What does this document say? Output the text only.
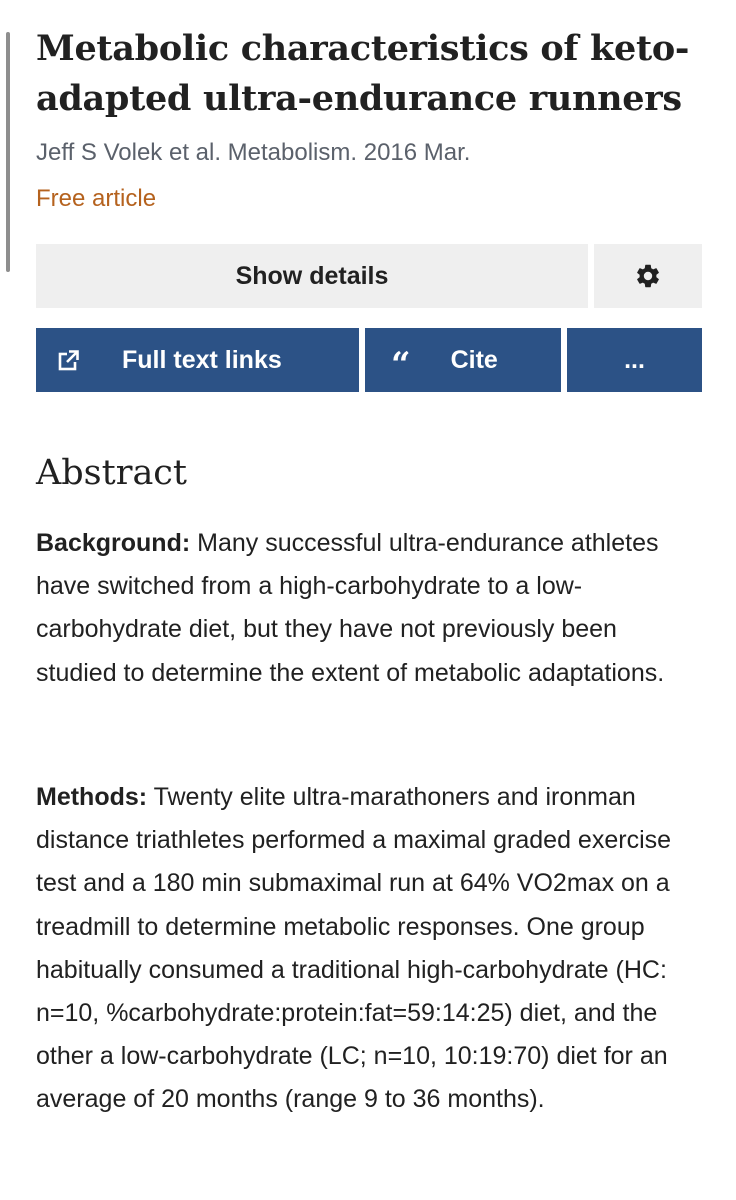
Metabolic characteristics of keto-adapted ultra-endurance runners
Jeff S Volek et al. Metabolism. 2016 Mar.
Free article
Show details
Full text links	“ Cite	...
Abstract

Background: Many successful ultra-endurance athletes have switched from a high-carbohydrate to a low-carbohydrate diet, but they have not previously been studied to determine the extent of metabolic adaptations.

Methods: Twenty elite ultra-marathoners and ironman distance triathletes performed a maximal graded exercise test and a 180 min submaximal run at 64% VO2max on a treadmill to determine metabolic responses. One group habitually consumed a traditional high-carbohydrate (HC: n=10, %carbohydrate:protein:fat=59:14:25) diet, and the other a low-carbohydrate (LC; n=10, 10:19:70) diet for an average of 20 months (range 9 to 36 months).
